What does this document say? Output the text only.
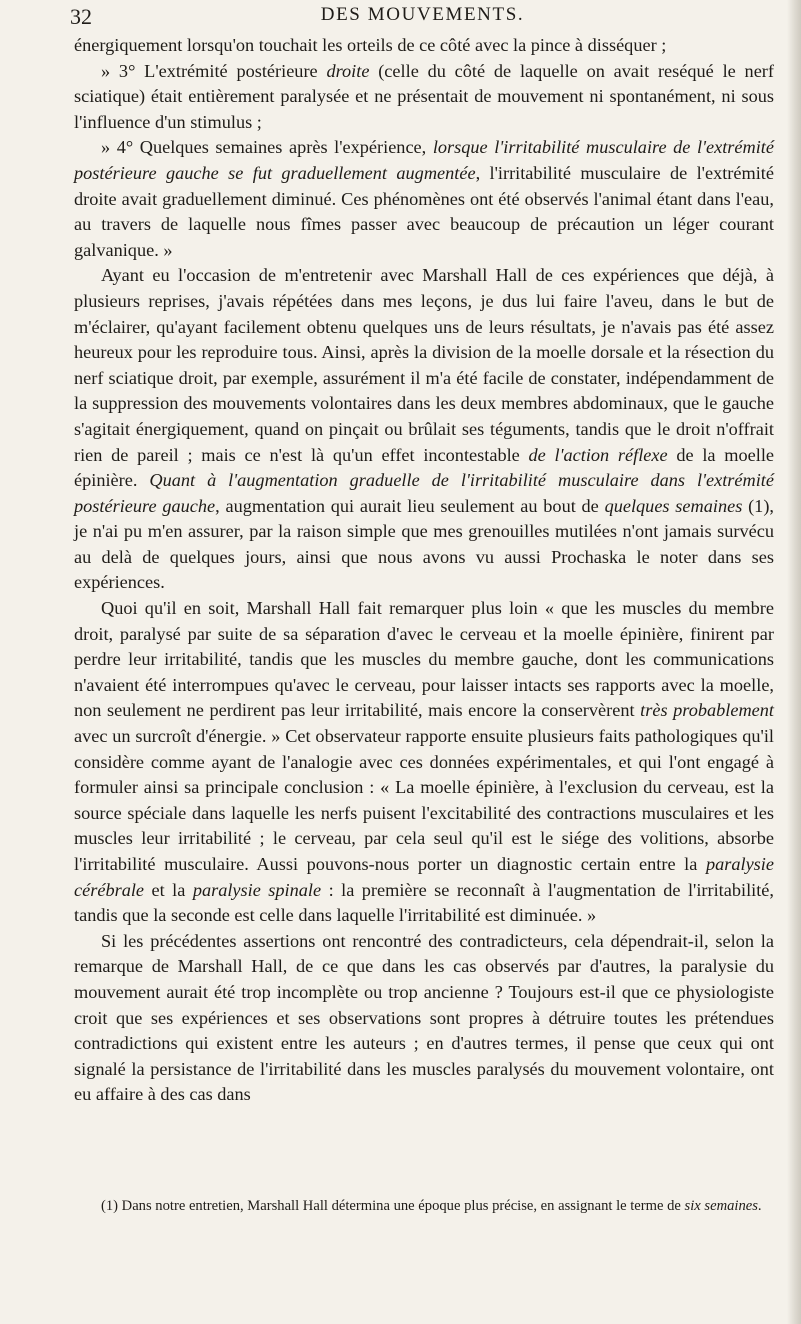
32	DES MOUVEMENTS.

énergiquement lorsqu'on touchait les orteils de ce côté avec la pince à disséquer ;

» 3° L'extrémité postérieure droite (celle du côté de laquelle on avait reséqué le nerf sciatique) était entièrement paralysée et ne présentait de mouvement ni spontanément, ni sous l'influence d'un stimulus ;

» 4° Quelques semaines après l'expérience, lorsque l'irritabilité musculaire de l'extrémité postérieure gauche se fut graduellement augmentée, l'irritabilité musculaire de l'extrémité droite avait graduellement diminué. Ces phénomènes ont été observés l'animal étant dans l'eau, au travers de laquelle nous fîmes passer avec beaucoup de précaution un léger courant galvanique. »

Ayant eu l'occasion de m'entretenir avec Marshall Hall de ces expériences que déjà, à plusieurs reprises, j'avais répétées dans mes leçons, je dus lui faire l'aveu, dans le but de m'éclairer, qu'ayant facilement obtenu quelques uns de leurs résultats, je n'avais pas été assez heureux pour les reproduire tous. Ainsi, après la division de la moelle dorsale et la résection du nerf sciatique droit, par exemple, assurément il m'a été facile de constater, indépendamment de la suppression des mouvements volontaires dans les deux membres abdominaux, que le gauche s'agitait énergiquement, quand on pinçait ou brûlait ses téguments, tandis que le droit n'offrait rien de pareil ; mais ce n'est là qu'un effet incontestable de l'action réflexe de la moelle épinière. Quant à l'augmentation graduelle de l'irritabilité musculaire dans l'extrémité postérieure gauche, augmentation qui aurait lieu seulement au bout de quelques semaines (1), je n'ai pu m'en assurer, par la raison simple que mes grenouilles mutilées n'ont jamais survécu au delà de quelques jours, ainsi que nous avons vu aussi Prochaska le noter dans ses expériences.

Quoi qu'il en soit, Marshall Hall fait remarquer plus loin « que les muscles du membre droit, paralysé par suite de sa séparation d'avec le cerveau et la moelle épinière, finirent par perdre leur irritabilité, tandis que les muscles du membre gauche, dont les communications n'avaient été interrompues qu'avec le cerveau, pour laisser intacts ses rapports avec la moelle, non seulement ne perdirent pas leur irritabilité, mais encore la conservèrent très probablement avec un surcroît d'énergie. » Cet observateur rapporte ensuite plusieurs faits pathologiques qu'il considère comme ayant de l'analogie avec ces données expérimentales, et qui l'ont engagé à formuler ainsi sa principale conclusion : « La moelle épinière, à l'exclusion du cerveau, est la source spéciale dans laquelle les nerfs puisent l'excitabilité des contractions musculaires et les muscles leur irritabilité ; le cerveau, par cela seul qu'il est le siége des volitions, absorbe l'irritabilité musculaire. Aussi pouvons-nous porter un diagnostic certain entre la paralysie cérébrale et la paralysie spinale : la première se reconnaît à l'augmentation de l'irritabilité, tandis que la seconde est celle dans laquelle l'irritabilité est diminuée. »

Si les précédentes assertions ont rencontré des contradicteurs, cela dépendrait-il, selon la remarque de Marshall Hall, de ce que dans les cas observés par d'autres, la paralysie du mouvement aurait été trop incomplète ou trop ancienne ? Toujours est-il que ce physiologiste croit que ses expériences et ses observations sont propres à détruire toutes les prétendues contradictions qui existent entre les auteurs ; en d'autres termes, il pense que ceux qui ont signalé la persistance de l'irritabilité dans les muscles paralysés du mouvement volontaire, ont eu affaire à des cas dans

(1) Dans notre entretien, Marshall Hall détermina une époque plus précise, en assignant le terme de six semaines.
